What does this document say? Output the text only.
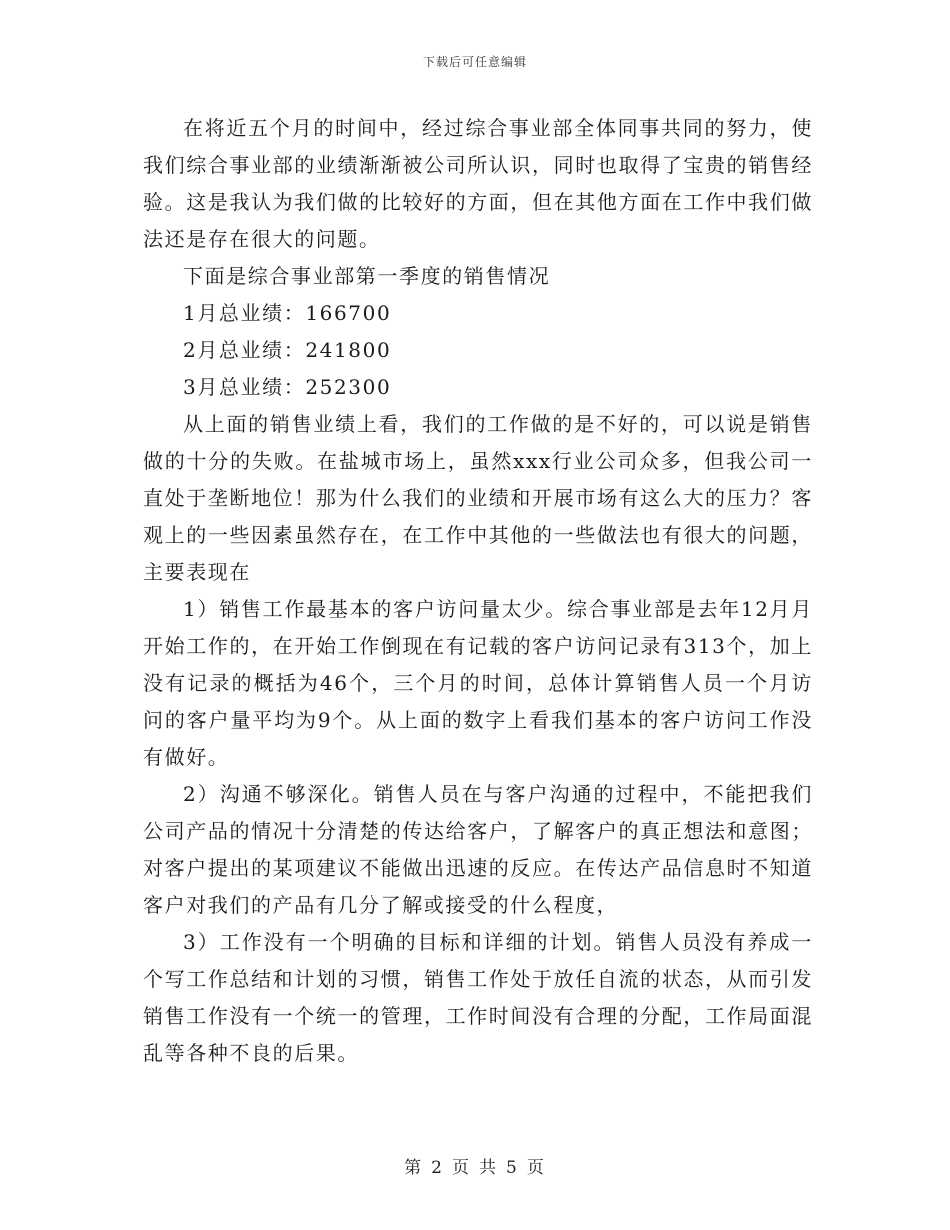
下载后可任意编辑

在将近五个月的时间中，经过综合事业部全体同事共同的努力，使我们综合事业部的业绩渐渐被公司所认识，同时也取得了宝贵的销售经验。这是我认为我们做的比较好的方面，但在其他方面在工作中我们做法还是存在很大的问题。

下面是综合事业部第一季度的销售情况

1月总业绩：166700

2月总业绩：241800

3月总业绩：252300

从上面的销售业绩上看，我们的工作做的是不好的，可以说是销售做的十分的失败。在盐城市场上，虽然xxx行业公司众多，但我公司一直处于垄断地位！那为什么我们的业绩和开展市场有这么大的压力？客观上的一些因素虽然存在，在工作中其他的一些做法也有很大的问题，主要表现在

1）销售工作最基本的客户访问量太少。综合事业部是去年12月月开始工作的，在开始工作倒现在有记载的客户访问记录有313个，加上没有记录的概括为46个，三个月的时间，总体计算销售人员一个月访问的客户量平均为9个。从上面的数字上看我们基本的客户访问工作没有做好。

2）沟通不够深化。销售人员在与客户沟通的过程中，不能把我们公司产品的情况十分清楚的传达给客户，了解客户的真正想法和意图；对客户提出的某项建议不能做出迅速的反应。在传达产品信息时不知道客户对我们的产品有几分了解或接受的什么程度，

3）工作没有一个明确的目标和详细的计划。销售人员没有养成一个写工作总结和计划的习惯，销售工作处于放任自流的状态，从而引发销售工作没有一个统一的管理，工作时间没有合理的分配，工作局面混乱等各种不良的后果。

第 2 页 共 5 页
